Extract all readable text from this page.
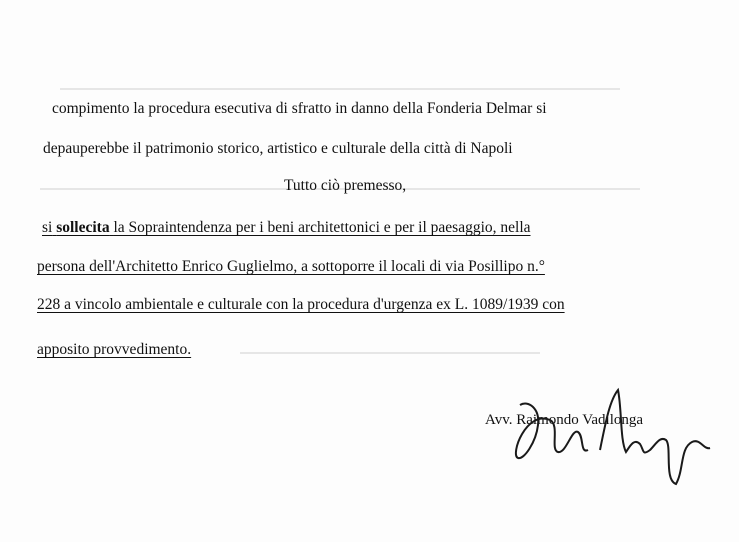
compimento la procedura esecutiva di sfratto in danno della Fonderia Delmar si
depauperebbe il patrimonio storico, artistico e culturale della città di Napoli
Tutto ciò premesso,
si sollecita la Sopraintendenza per i beni architettonici e per il paesaggio, nella
persona dell'Architetto Enrico Guglielmo, a sottoporre il locali di via Posillipo n.°
228 a vincolo ambientale e culturale con la procedura d'urgenza ex L. 1089/1939 con
apposito provvedimento.
Avv. Raimondo Vadilonga
